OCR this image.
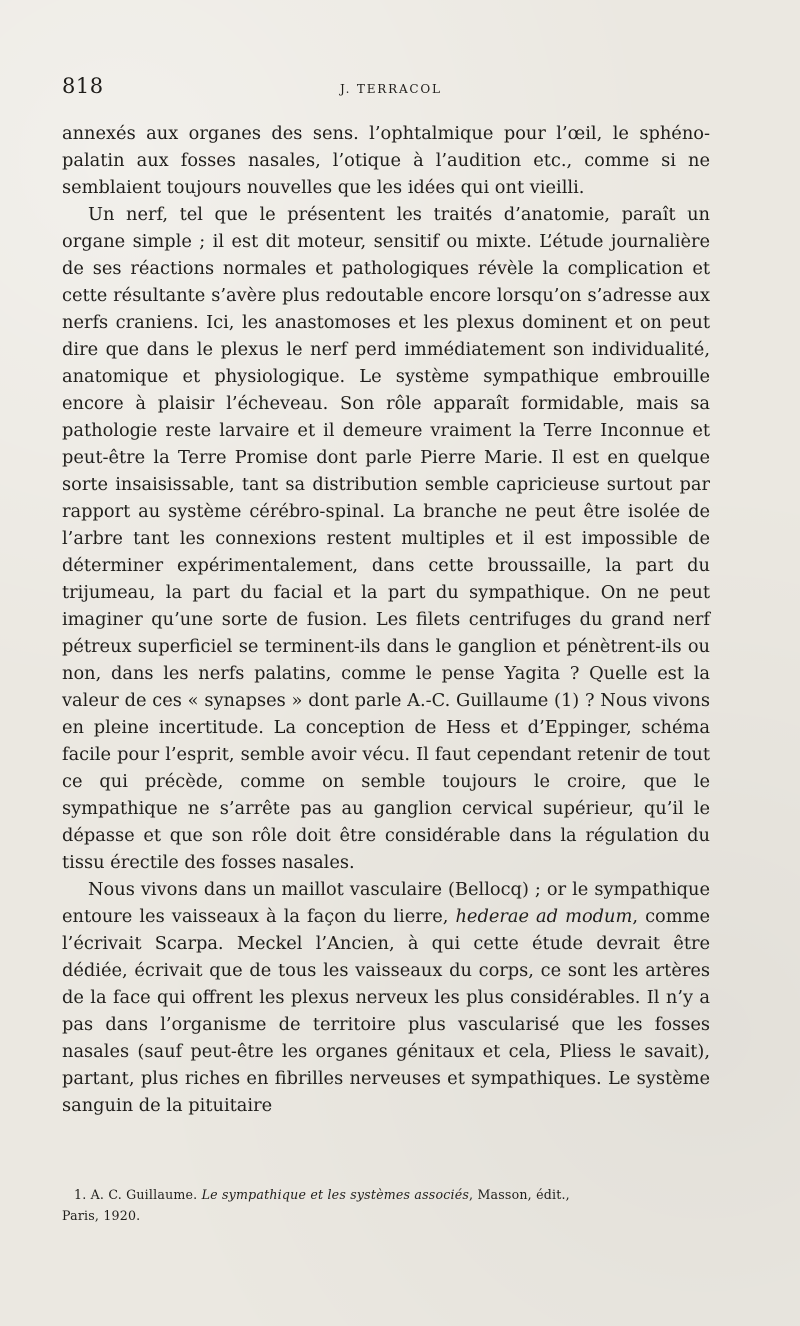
818	J. TERRACOL

annexés aux organes des sens. l’ophtalmique pour l’œil, le sphéno-palatin aux fosses nasales, l’otique à l’audition etc., comme si ne semblaient toujours nouvelles que les idées qui ont vieilli.

Un nerf, tel que le présentent les traités d’anatomie, paraît un organe simple ; il est dit moteur, sensitif ou mixte. L’étude journalière de ses réactions normales et pathologiques révèle la complication et cette résultante s’avère plus redoutable encore lorsqu’on s’adresse aux nerfs craniens. Ici, les anastomoses et les plexus dominent et on peut dire que dans le plexus le nerf perd immédiatement son individualité, anatomique et physiologique. Le système sympathique embrouille encore à plaisir l’écheveau. Son rôle apparaît formidable, mais sa pathologie reste larvaire et il demeure vraiment la Terre Inconnue et peut-être la Terre Promise dont parle Pierre Marie. Il est en quelque sorte insaisissable, tant sa distribution semble capricieuse surtout par rapport au système cérébro-spinal. La branche ne peut être isolée de l’arbre tant les connexions restent multiples et il est impossible de déterminer expérimentalement, dans cette broussaille, la part du trijumeau, la part du facial et la part du sympathique. On ne peut imaginer qu’une sorte de fusion. Les filets centrifuges du grand nerf pétreux superficiel se terminent-ils dans le ganglion et pénètrent-ils ou non, dans les nerfs palatins, comme le pense Yagita ? Quelle est la valeur de ces « synapses » dont parle A.-C. Guillaume (1) ? Nous vivons en pleine incertitude. La conception de Hess et d’Eppinger, schéma facile pour l’esprit, semble avoir vécu. Il faut cependant retenir de tout ce qui précède, comme on semble toujours le croire, que le sympathique ne s’arrête pas au ganglion cervical supérieur, qu’il le dépasse et que son rôle doit être considérable dans la régulation du tissu érectile des fosses nasales.

Nous vivons dans un maillot vasculaire (Bellocq) ; or le sympathique entoure les vaisseaux à la façon du lierre, hederae ad modum, comme l’écrivait Scarpa. Meckel l’Ancien, à qui cette étude devrait être dédiée, écrivait que de tous les vaisseaux du corps, ce sont les artères de la face qui offrent les plexus nerveux les plus considérables. Il n’y a pas dans l’organisme de territoire plus vascularisé que les fosses nasales (sauf peut-être les organes génitaux et cela, Pliess le savait), partant, plus riches en fibrilles nerveuses et sympathiques. Le système sanguin de la pituitaire

1. A. C. Guillaume. Le sympathique et les systèmes associés, Masson, édit.,
Paris, 1920.
